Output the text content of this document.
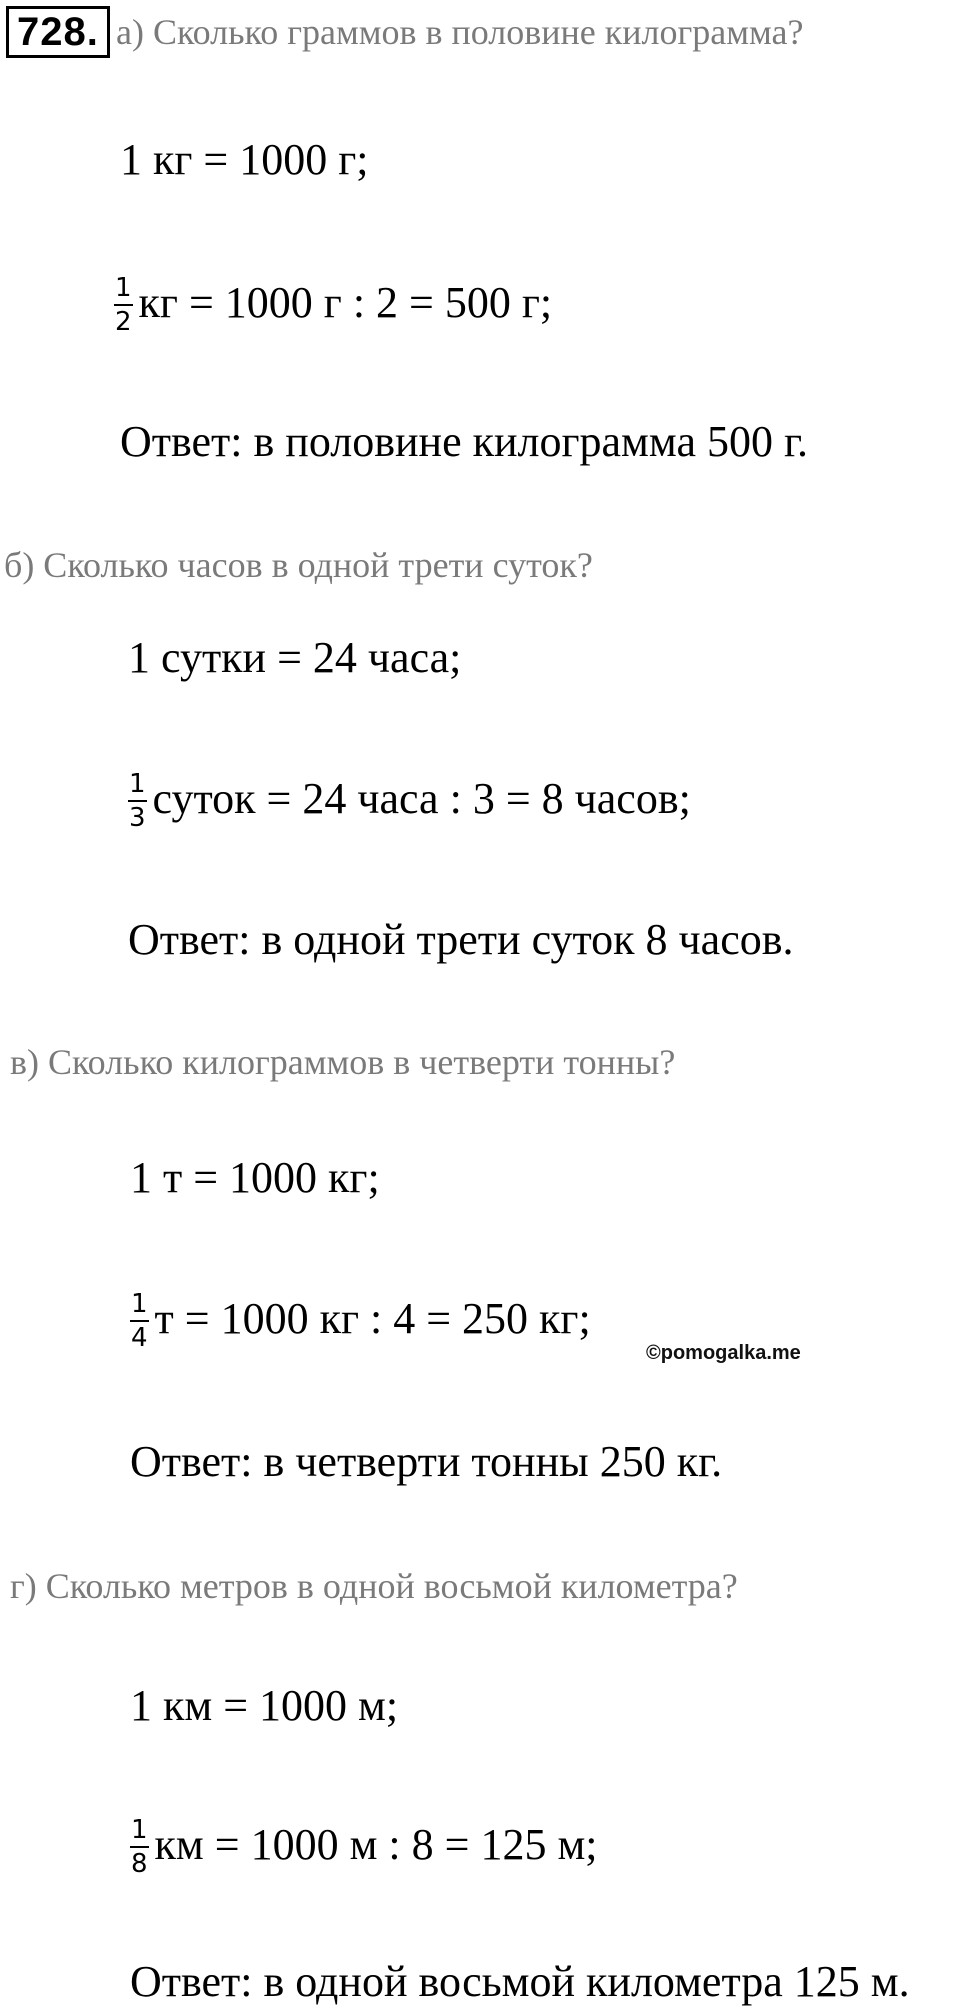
728. а) Сколько граммов в половине килограмма?
1 кг = 1000 г;
$\frac{1}{2}$ кг = 1000 г : 2 = 500 г;
Ответ: в половине килограмма 500 г.
б) Сколько часов в одной трети суток?
1 сутки = 24 часа;
$\frac{1}{3}$ суток = 24 часа : 3 = 8 часов;
Ответ: в одной трети суток 8 часов.
в) Сколько килограммов в четверти тонны?
1 т = 1000 кг;
$\frac{1}{4}$ т = 1000 кг : 4 = 250 кг;
©pomogalka.me
Ответ: в четверти тонны 250 кг.
г) Сколько метров в одной восьмой километра?
1 км = 1000 м;
$\frac{1}{8}$ км = 1000 м : 8 = 125 м;
Ответ: в одной восьмой километра 125 м.
